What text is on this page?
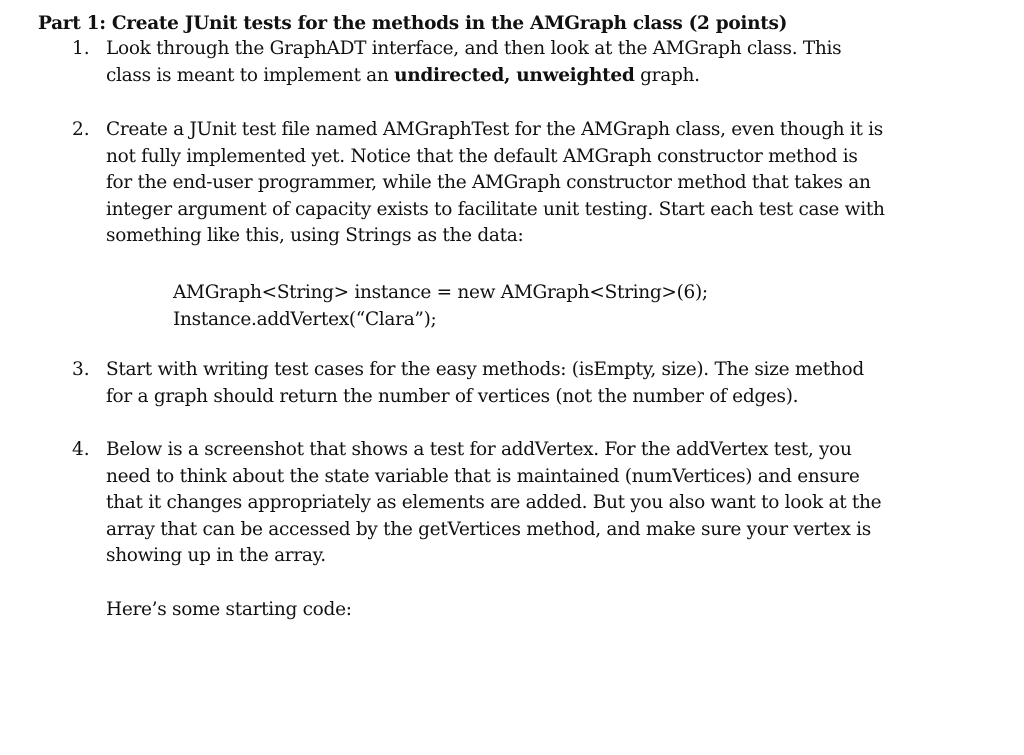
Part 1: Create JUnit tests for the methods in the AMGraph class (2 points)
1. Look through the GraphADT interface, and then look at the AMGraph class. This
class is meant to implement an undirected, unweighted graph.
2. Create a JUnit test file named AMGraphTest for the AMGraph class, even though it is
not fully implemented yet. Notice that the default AMGraph constructor method is
for the end-user programmer, while the AMGraph constructor method that takes an
integer argument of capacity exists to facilitate unit testing. Start each test case with
something like this, using Strings as the data:
AMGraph<String> instance = new AMGraph<String>(6);
Instance.addVertex(“Clara”);
3. Start with writing test cases for the easy methods: (isEmpty, size). The size method
for a graph should return the number of vertices (not the number of edges).
4. Below is a screenshot that shows a test for addVertex. For the addVertex test, you
need to think about the state variable that is maintained (numVertices) and ensure
that it changes appropriately as elements are added. But you also want to look at the
array that can be accessed by the getVertices method, and make sure your vertex is
showing up in the array.
Here’s some starting code:
